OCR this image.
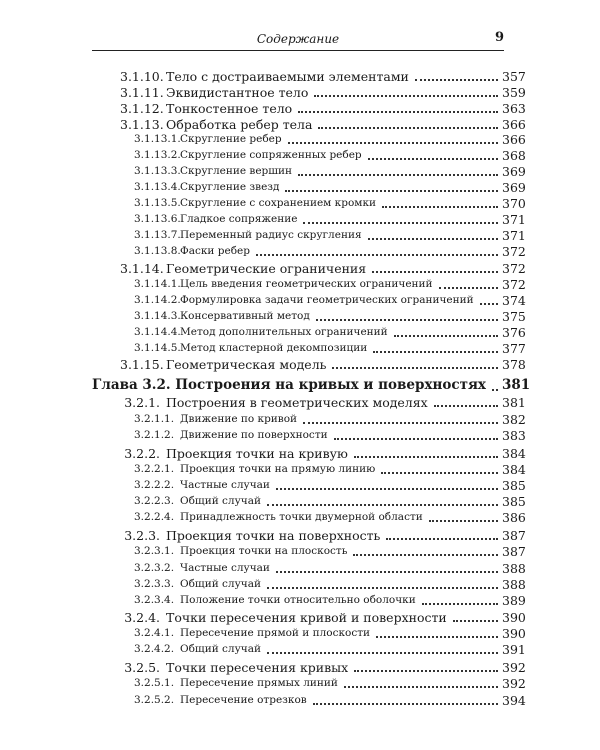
Содержание	9
3.1.10. Тело с достраиваемыми элементами	357
3.1.11. Эквидистантное тело	359
3.1.12. Тонкостенное тело	363
3.1.13. Обработка ребер тела	366
3.1.13.1. Скругление ребер	366
3.1.13.2. Скругление сопряженных ребер	368
3.1.13.3. Скругление вершин	369
3.1.13.4. Скругление звезд	369
3.1.13.5. Скругление с сохранением кромки	370
3.1.13.6. Гладкое сопряжение	371
3.1.13.7. Переменный радиус скругления	371
3.1.13.8. Фаски ребер	372
3.1.14. Геометрические ограничения	372
3.1.14.1. Цель введения геометрических ограничений	372
3.1.14.2. Формулировка задачи геометрических ограничений 374
3.1.14.3. Консервативный метод	375
3.1.14.4. Метод дополнительных ограничений	376
3.1.14.5. Метод кластерной декомпозиции	377
3.1.15. Геометрическая модель	378
Глава 3.2. Построения на кривых и поверхностях 381
3.2.1. Построения в геометрических моделях	381
3.2.1.1. Движение по кривой	382
3.2.1.2. Движение по поверхности	383
3.2.2. Проекция точки на кривую	384
3.2.2.1. Проекция точки на прямую линию	384
3.2.2.2. Частные случаи	385
3.2.2.3. Общий случай	385
3.2.2.4. Принадлежность точки двумерной области	386
3.2.3. Проекция точки на поверхность	387
3.2.3.1. Проекция точки на плоскость	387
3.2.3.2. Частные случаи	388
3.2.3.3. Общий случай	388
3.2.3.4. Положение точки относительно оболочки	389
3.2.4. Точки пересечения кривой и поверхности	390
3.2.4.1. Пересечение прямой и плоскости	390
3.2.4.2. Общий случай	391
3.2.5. Точки пересечения кривых	392
3.2.5.1. Пересечение прямых линий	392
3.2.5.2. Пересечение отрезков	394
